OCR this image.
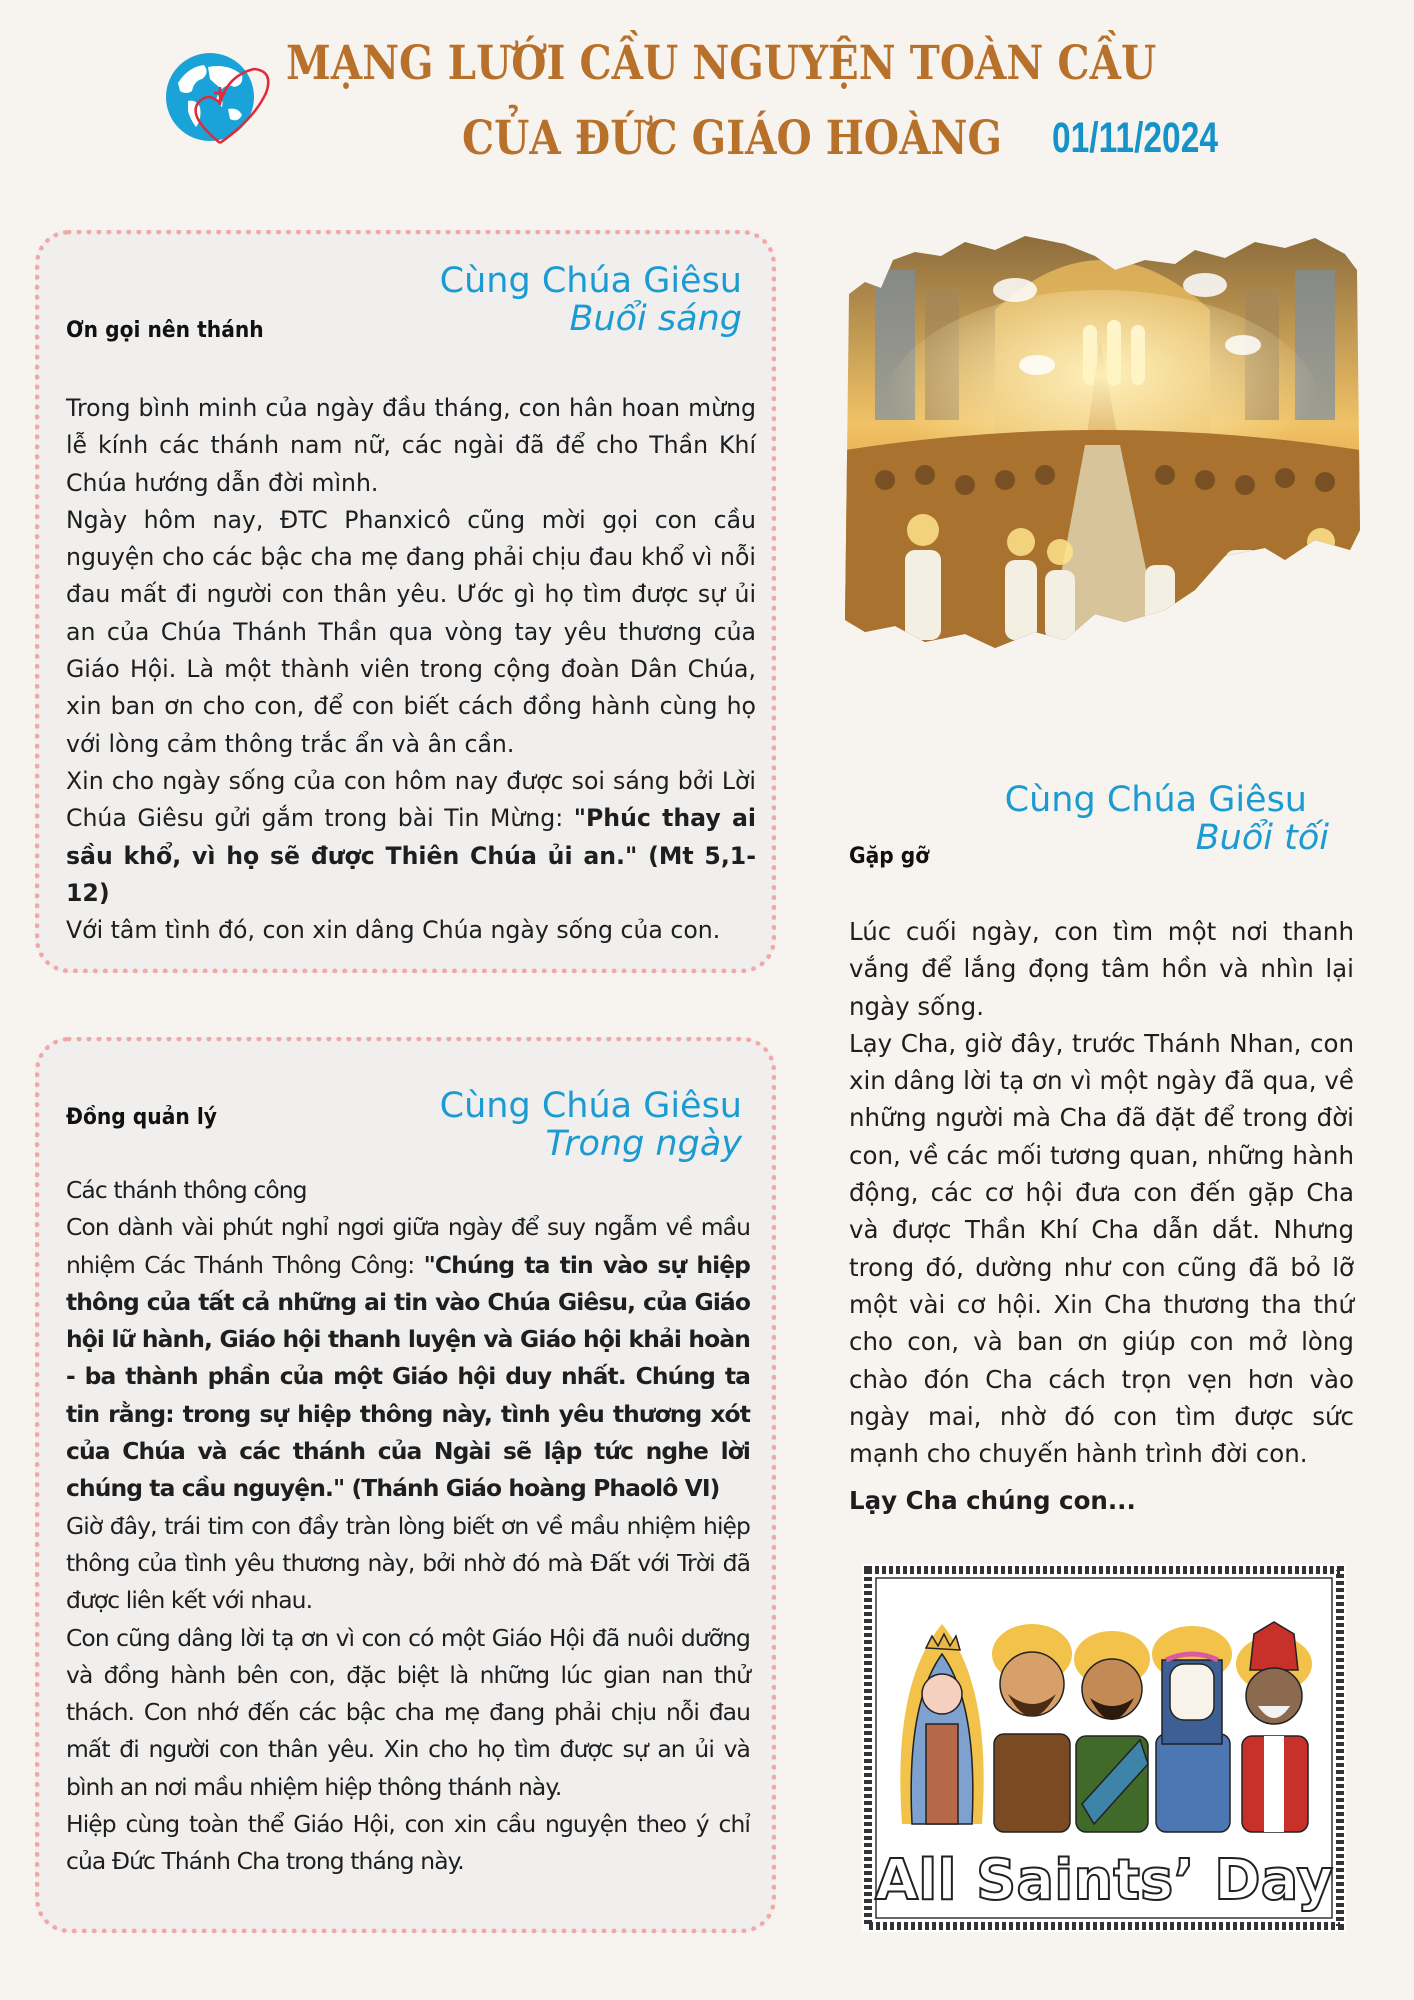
MẠNG LƯỚI CẦU NGUYỆN TOÀN CẦU
CỦA ĐỨC GIÁO HOÀNG 01/11/2024
Cùng Chúa Giêsu
Buổi sáng
Ơn gọi nên thánh

Trong bình minh của ngày đầu tháng, con hân hoan mừng lễ kính các thánh nam nữ, các ngài đã để cho Thần Khí Chúa hướng dẫn đời mình.

Ngày hôm nay, ĐTC Phanxicô cũng mời gọi con cầu nguyện cho các bậc cha mẹ đang phải chịu đau khổ vì nỗi đau mất đi người con thân yêu. Ước gì họ tìm được sự ủi an của Chúa Thánh Thần qua vòng tay yêu thương của Giáo Hội. Là một thành viên trong cộng đoàn Dân Chúa, xin ban ơn cho con, để con biết cách đồng hành cùng họ với lòng cảm thông trắc ẩn và ân cần.

Xin cho ngày sống của con hôm nay được soi sáng bởi Lời Chúa Giêsu gửi gắm trong bài Tin Mừng: "Phúc thay ai sầu khổ, vì họ sẽ được Thiên Chúa ủi an." (Mt 5,1-12)

Với tâm tình đó, con xin dâng Chúa ngày sống của con.

Cùng Chúa Giêsu
Trong ngày
Đồng quản lý

Các thánh thông công

Con dành vài phút nghỉ ngơi giữa ngày để suy ngẫm về mầu nhiệm Các Thánh Thông Công: "Chúng ta tin vào sự hiệp thông của tất cả những ai tin vào Chúa Giêsu, của Giáo hội lữ hành, Giáo hội thanh luyện và Giáo hội khải hoàn - ba thành phần của một Giáo hội duy nhất. Chúng ta tin rằng: trong sự hiệp thông này, tình yêu thương xót của Chúa và các thánh của Ngài sẽ lập tức nghe lời chúng ta cầu nguyện." (Thánh Giáo hoàng Phaolô VI)

Giờ đây, trái tim con đầy tràn lòng biết ơn về mầu nhiệm hiệp thông của tình yêu thương này, bởi nhờ đó mà Đất với Trời đã được liên kết với nhau.

Con cũng dâng lời tạ ơn vì con có một Giáo Hội đã nuôi dưỡng và đồng hành bên con, đặc biệt là những lúc gian nan thử thách. Con nhớ đến các bậc cha mẹ đang phải chịu nỗi đau mất đi người con thân yêu. Xin cho họ tìm được sự an ủi và bình an nơi mầu nhiệm hiệp thông thánh này.

Hiệp cùng toàn thể Giáo Hội, con xin cầu nguyện theo ý chỉ của Đức Thánh Cha trong tháng này.

Cùng Chúa Giêsu
Buổi tối
Gặp gỡ

Lúc cuối ngày, con tìm một nơi thanh vắng để lắng đọng tâm hồn và nhìn lại ngày sống.

Lạy Cha, giờ đây, trước Thánh Nhan, con xin dâng lời tạ ơn vì một ngày đã qua, về những người mà Cha đã đặt để trong đời con, về các mối tương quan, những hành động, các cơ hội đưa con đến gặp Cha và được Thần Khí Cha dẫn dắt. Nhưng trong đó, dường như con cũng đã bỏ lỡ một vài cơ hội. Xin Cha thương tha thứ cho con, và ban ơn giúp con mở lòng chào đón Cha cách trọn vẹn hơn vào ngày mai, nhờ đó con tìm được sức mạnh cho chuyến hành trình đời con.

Lạy Cha chúng con...

All Saints’ Day
